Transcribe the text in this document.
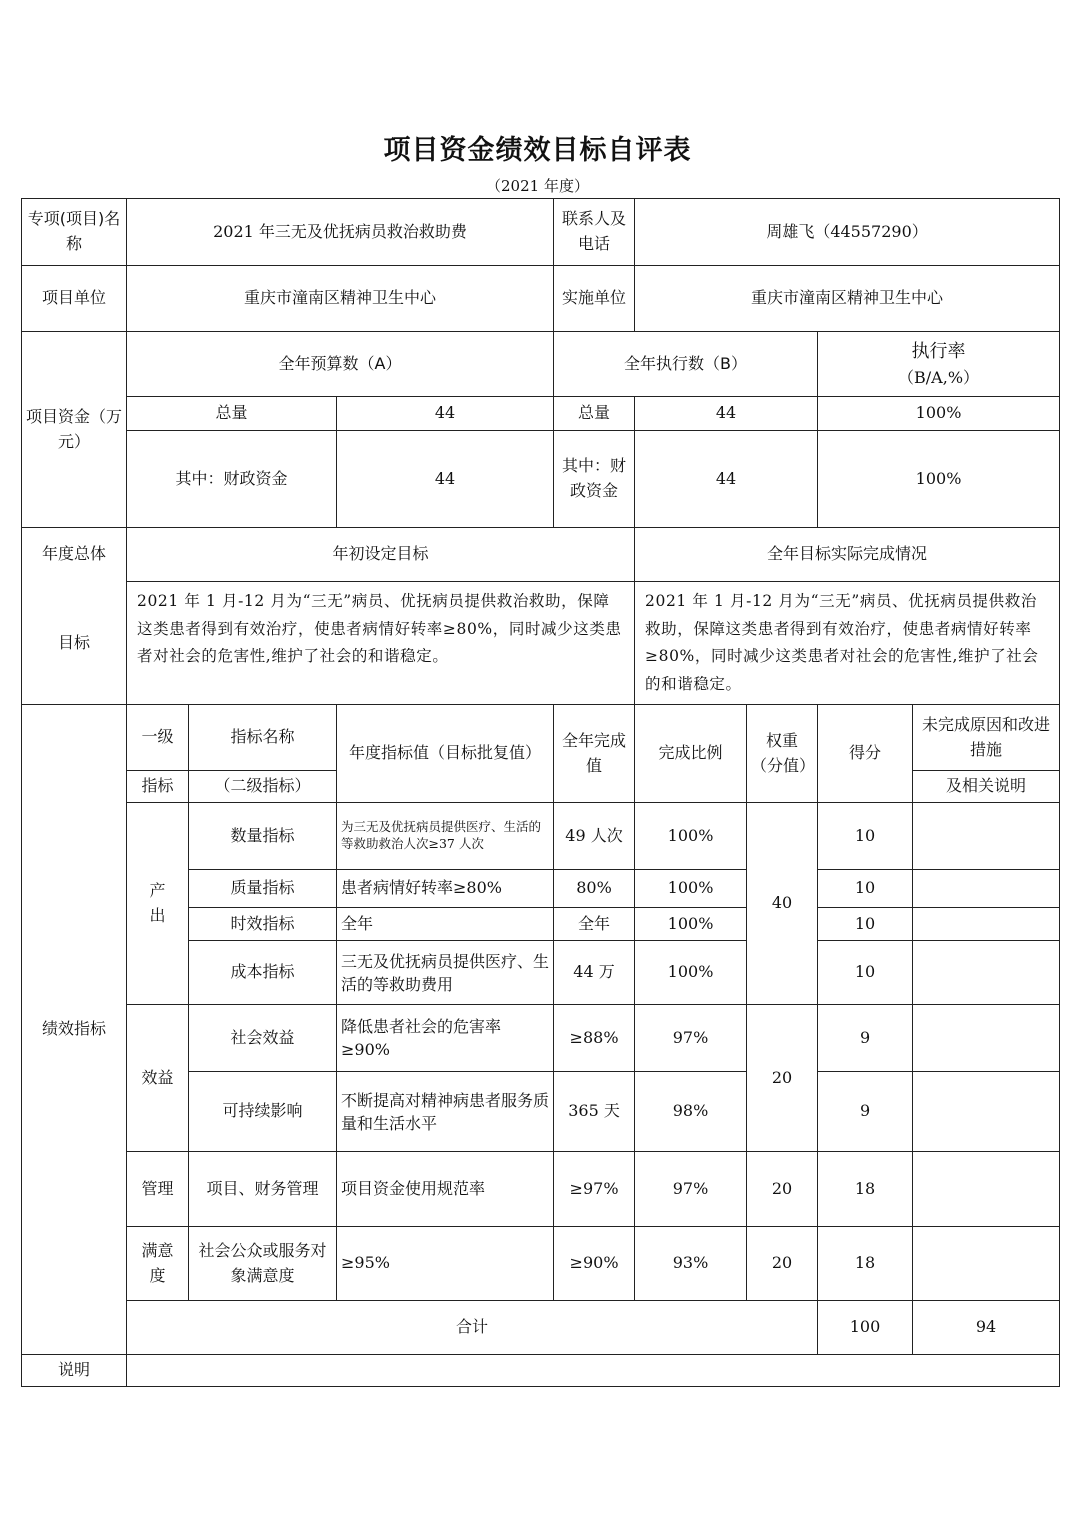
项目资金绩效目标自评表
（2021 年度）
专项(项目)名称	2021 年三无及优抚病员救治救助费			联系人及电话	周雄飞（44557290）				
项目单位	重庆市潼南区精神卫生中心			实施单位	重庆市潼南区精神卫生中心				
项目资金（万元）	全年预算数（A）			全年执行数（B）			执行率
（B/A,%）		

	总量		44	总量	44		100%		
	其中：财政资金		44	其中：财政资金	44		100%		
年度总体	年初设定目标				全年目标实际完成情况				
目标	2021 年 1 月-12 月为“三无”病员、优抚病员提供救治救助，保障这类患者得到有效治疗，使患者病情好转率≥80%，同时减少这类患者对社会的危害性,维护了社会的和谐稳定。				2021 年 1 月-12 月为“三无”病员、优抚病员提供救治救助，保障这类患者得到有效治疗，使患者病情好转率≥80%，同时减少这类患者对社会的危害性,维护了社会的和谐稳定。				
绩效指标	一级	指标名称	年度指标值（目标批复值）	全年完成值	完成比例	权重（分值）	得分	未完成原因和改进措施	
	指标	（二级指标）						及相关说明	
	产出	数量指标	为三无及优抚病员提供医疗、生活的等救助救治人次≥37 人次	49 人次	100%	40	10		
		质量指标	患者病情好转率≥80%	80%	100%		10		
		时效指标	全年	全年	100%		10		
		成本指标	三无及优抚病员提供医疗、生活的等救助费用	44 万	100%		10		
	效益	社会效益	降低患者社会的危害率≥90%	≥88%	97%	20	9		
		可持续影响	不断提高对精神病患者服务质量和生活水平	365 天	98%		9		
	管理	项目、财务管理	项目资金使用规范率	≥97%	97%	20	18		
	满意度	社会公众或服务对象满意度	≥95%	≥90%	93%	20	18		
	合计						100	94	
说明									
